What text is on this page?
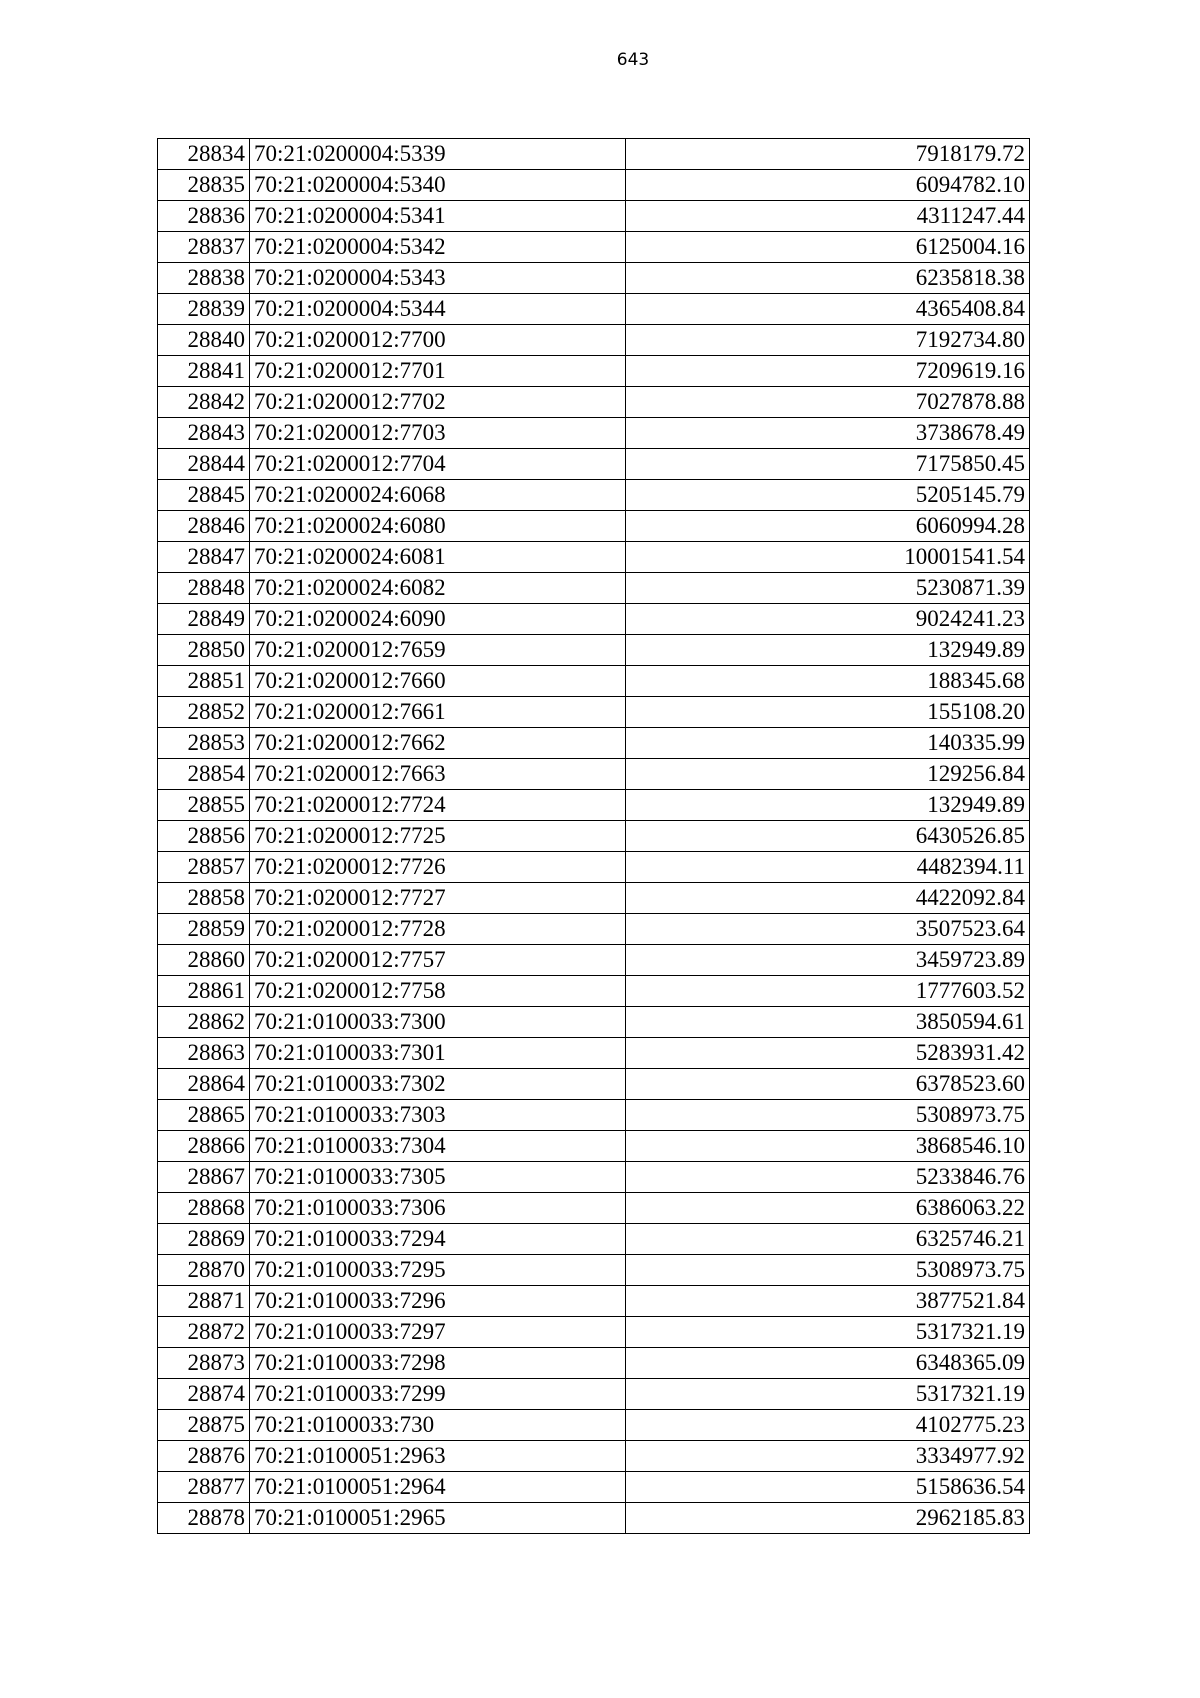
643
28834	70:21:0200004:5339	7918179.72
28835	70:21:0200004:5340	6094782.10
28836	70:21:0200004:5341	4311247.44
28837	70:21:0200004:5342	6125004.16
28838	70:21:0200004:5343	6235818.38
28839	70:21:0200004:5344	4365408.84
28840	70:21:0200012:7700	7192734.80
28841	70:21:0200012:7701	7209619.16
28842	70:21:0200012:7702	7027878.88
28843	70:21:0200012:7703	3738678.49
28844	70:21:0200012:7704	7175850.45
28845	70:21:0200024:6068	5205145.79
28846	70:21:0200024:6080	6060994.28
28847	70:21:0200024:6081	10001541.54
28848	70:21:0200024:6082	5230871.39
28849	70:21:0200024:6090	9024241.23
28850	70:21:0200012:7659	132949.89
28851	70:21:0200012:7660	188345.68
28852	70:21:0200012:7661	155108.20
28853	70:21:0200012:7662	140335.99
28854	70:21:0200012:7663	129256.84
28855	70:21:0200012:7724	132949.89
28856	70:21:0200012:7725	6430526.85
28857	70:21:0200012:7726	4482394.11
28858	70:21:0200012:7727	4422092.84
28859	70:21:0200012:7728	3507523.64
28860	70:21:0200012:7757	3459723.89
28861	70:21:0200012:7758	1777603.52
28862	70:21:0100033:7300	3850594.61
28863	70:21:0100033:7301	5283931.42
28864	70:21:0100033:7302	6378523.60
28865	70:21:0100033:7303	5308973.75
28866	70:21:0100033:7304	3868546.10
28867	70:21:0100033:7305	5233846.76
28868	70:21:0100033:7306	6386063.22
28869	70:21:0100033:7294	6325746.21
28870	70:21:0100033:7295	5308973.75
28871	70:21:0100033:7296	3877521.84
28872	70:21:0100033:7297	5317321.19
28873	70:21:0100033:7298	6348365.09
28874	70:21:0100033:7299	5317321.19
28875	70:21:0100033:730	4102775.23
28876	70:21:0100051:2963	3334977.92
28877	70:21:0100051:2964	5158636.54
28878	70:21:0100051:2965	2962185.83
